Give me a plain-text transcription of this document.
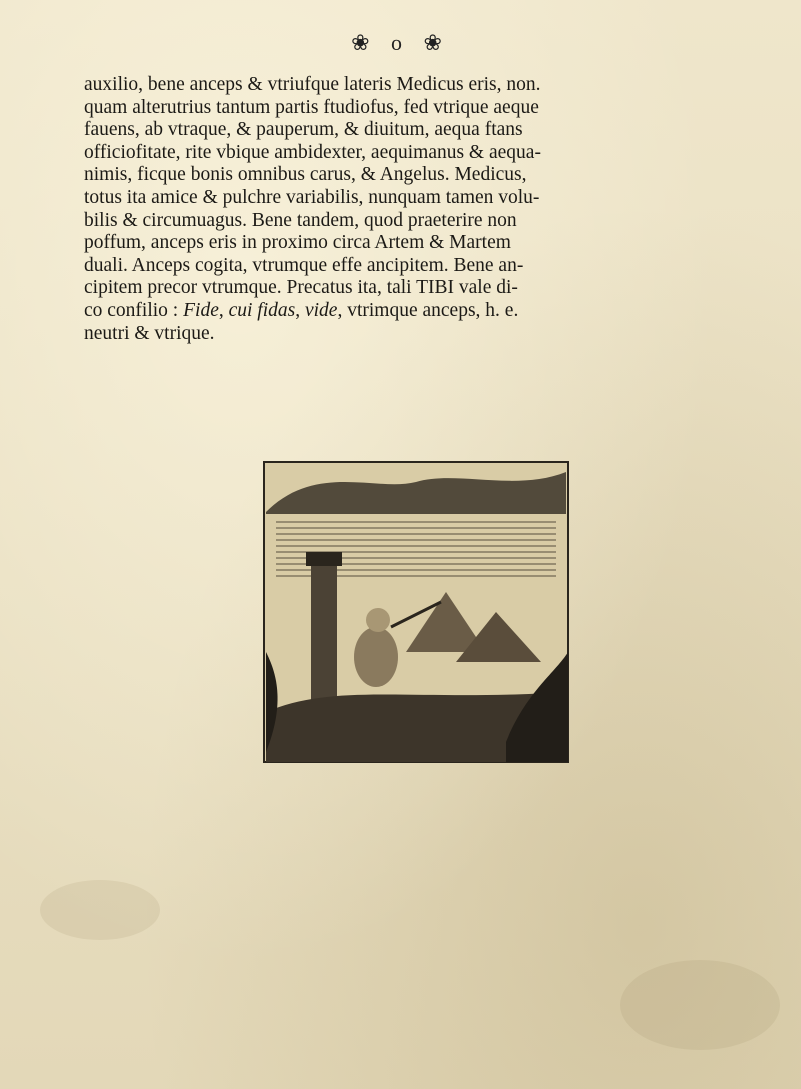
❀ o ❀
auxilio, bene anceps & vtriufque lateris Medicus eris, non.
quam alterutrius tantum partis ftudiofus, fed vtrique aeque
fauens, ab vtraque, & pauperum, & diuitum, aequa ftans
officiofitate, rite vbique ambidexter, aequimanus & aequa-
nimis, ficque bonis omnibus carus, & Angelus. Medicus,
totus ita amice & pulchre variabilis, nunquam tamen volu-
bilis & circumuagus. Bene tandem, quod praeterire non
poffum, anceps eris in proximo circa Artem & Martem
duali. Anceps cogita, vtrumque effe ancipitem. Bene an-
cipitem precor vtrumque. Precatus ita, tali TIBI vale di-
co confilio : Fide, cui fidas, vide, vtrimque anceps, h. e.
neutri & vtrique.
